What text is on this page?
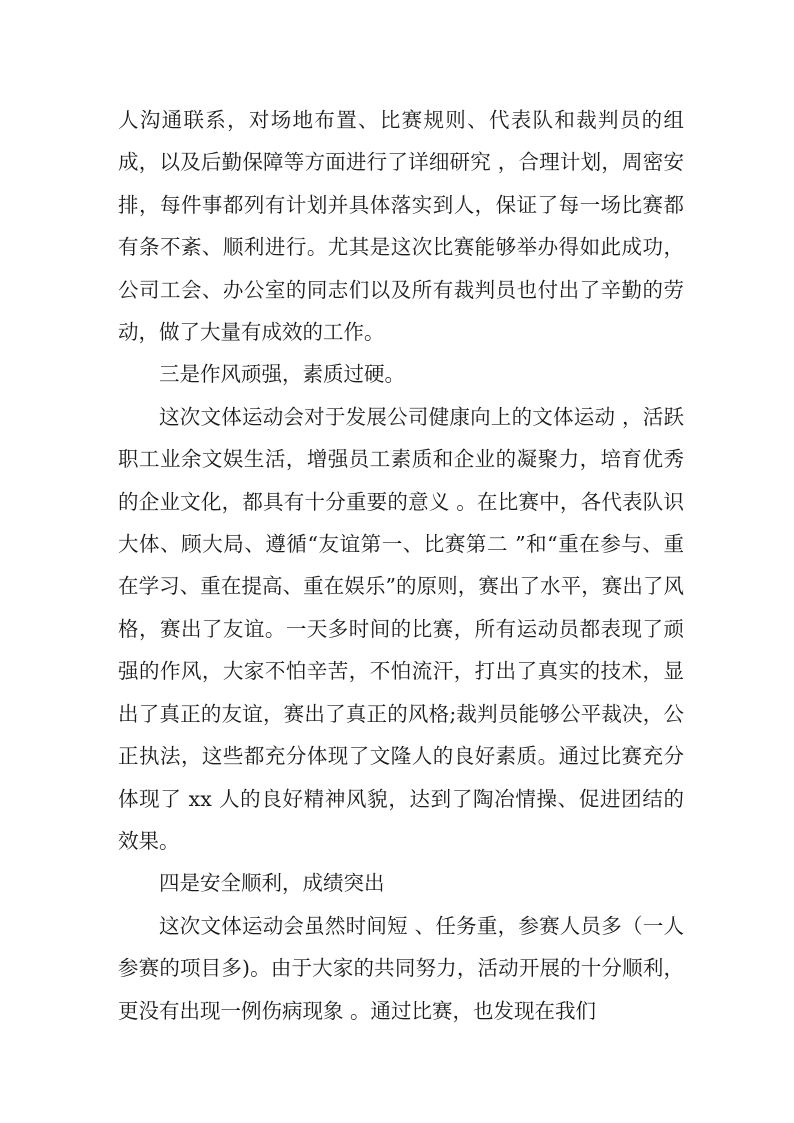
人沟通联系，对场地布置、比赛规则、代表队和裁判员的组成，以及后勤保障等方面进行了详细研究 ，合理计划，周密安排，每件事都列有计划并具体落实到人，保证了每一场比赛都有条不紊、顺利进行。尤其是这次比赛能够举办得如此成功，公司工会、办公室的同志们以及所有裁判员也付出了辛勤的劳动，做了大量有成效的工作。

三是作风顽强，素质过硬。

这次文体运动会对于发展公司健康向上的文体运动 ，活跃职工业余文娱生活，增强员工素质和企业的凝聚力，培育优秀的企业文化，都具有十分重要的意义 。在比赛中，各代表队识大体、顾大局、遵循“友谊第一、比赛第二 ”和“重在参与、重在学习、重在提高、重在娱乐”的原则，赛出了水平，赛出了风格，赛出了友谊。一天多时间的比赛，所有运动员都表现了顽强的作风，大家不怕辛苦，不怕流汗，打出了真实的技术，显出了真正的友谊，赛出了真正的风格;裁判员能够公平裁决，公正执法，这些都充分体现了文隆人的良好素质。通过比赛充分体现了 xx 人的良好精神风貌，达到了陶冶情操、促进团结的效果。

四是安全顺利，成绩突出

这次文体运动会虽然时间短 、任务重，参赛人员多（一人参赛的项目多)。由于大家的共同努力，活动开展的十分顺利，更没有出现一例伤病现象 。通过比赛，也发现在我们
